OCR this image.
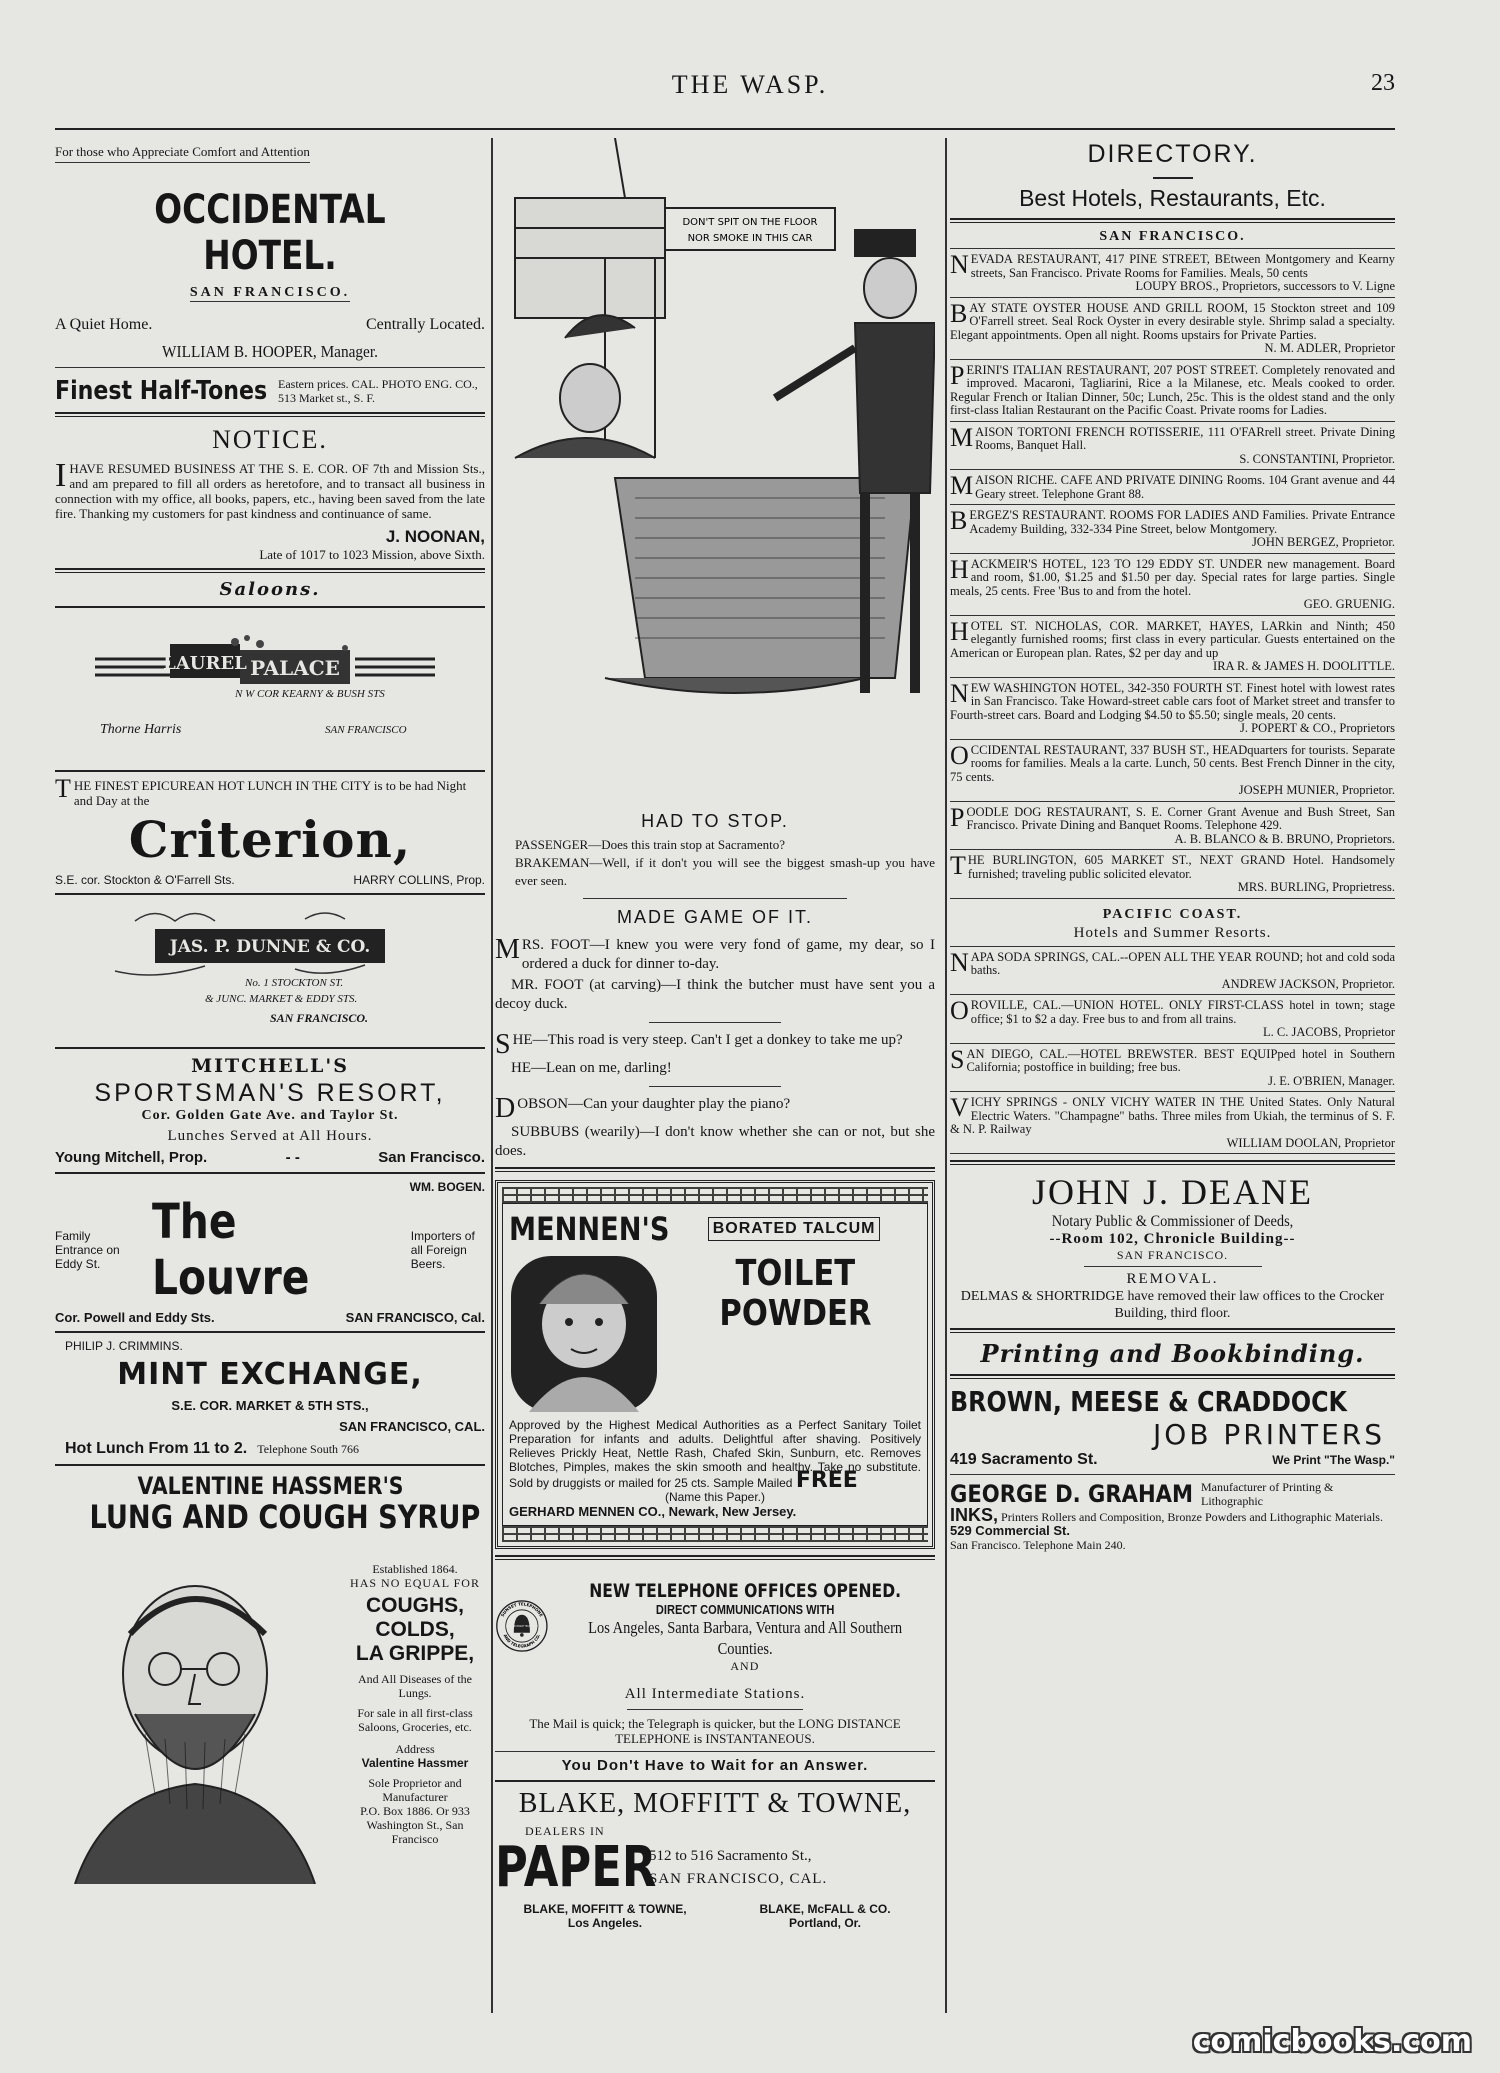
THE WASP.	23
For those who Appreciate Comfort and Attention
OCCIDENTAL HOTEL.
SAN FRANCISCO.
A Quiet Home.	Centrally Located.
WILLIAM B. HOOPER, Manager.
Finest Half-Tones Eastern prices. CAL. PHOTO ENG. CO., 513 Market st., S. F.
NOTICE.
I HAVE RESUMED BUSINESS AT THE S. E. COR. OF 7th and Mission Sts., and am prepared to fill all orders as heretofore, and to transact all business in connection with my office, all books, papers, etc., having been saved from the late fire. Thanking my customers for past kindness and continuance of same.
J. NOONAN,
Late of 1017 to 1023 Mission, above Sixth.
Saloons.
LAUREL PALACE
N W COR KEARNY & BUSH STS
Thorne Harris	SAN FRANCISCO
T HE FINEST EPICUREAN HOT LUNCH IN THE CITY is to be had Night and Day at the
Criterion,
S.E. cor. Stockton & O'Farrell Sts.	HARRY COLLINS, Prop.
JAS. P. DUNNE & CO.
No. 1 STOCKTON ST.
& JUNC. MARKET & EDDY STS.
SAN FRANCISCO.
MITCHELL'S
SPORTSMAN'S RESORT,
Cor. Golden Gate Ave. and Taylor St.
Lunches Served at All Hours.
Young Mitchell, Prop.	- -	San Francisco.
WM. BOGEN.
Family Entrance on Eddy St.
The Louvre
Importers of all Foreign Beers.
Cor. Powell and Eddy Sts.	SAN FRANCISCO, Cal.
PHILIP J. CRIMMINS.
MINT EXCHANGE,
S.E. COR. MARKET & 5TH STS.,
SAN FRANCISCO, CAL.
Hot Lunch From 11 to 2. Telephone South 766
VALENTINE HASSMER'S
LUNG AND COUGH SYRUP
Established 1864.
HAS NO EQUAL FOR
COUGHS,
COLDS,
LA GRIPPE,
And All Diseases of the Lungs.
For sale in all first-class Saloons, Groceries, etc.
Address
Valentine Hassmer
Sole Proprietor and Manufacturer
P.O. Box 1886. Or 933 Washington St., San Francisco
DON'T SPIT ON THE FLOOR
NOR SMOKE IN THIS CAR
HAD TO STOP.
PASSENGER—Does this train stop at Sacramento?
BRAKEMAN—Well, if it don't you will see the biggest smash-up you have ever seen.
MADE GAME OF IT.
MRS. FOOT—I knew you were very fond of game, my dear, so I ordered a duck for dinner to-day.
MR. FOOT (at carving)—I think the butcher must have sent you a decoy duck.
SHE—This road is very steep. Can't I get a donkey to take me up?
HE—Lean on me, darling!
DOBSON—Can your daughter play the piano?
SUBBUBS (wearily)—I don't know whether she can or not, but she does.
MENNEN'S	BORATED TALCUM
TOILET
POWDER
Approved by the Highest Medical Authorities as a Perfect Sanitary Toilet Preparation for infants and adults. Delightful after shaving. Positively Relieves Prickly Heat, Nettle Rash, Chafed Skin, Sunburn, etc. Removes Blotches, Pimples, makes the skin smooth and healthy. Take no substitute. Sold by druggists or mailed for 25 cts. Sample Mailed FREE
(Name this Paper.)
GERHARD MENNEN CO., Newark, New Jersey.
SUNSET TELEPHONE
AND TELEGRAPH CO.
LONG DISTANCE TELEPHONE
NEW TELEPHONE OFFICES OPENED.
DIRECT COMMUNICATIONS WITH
Los Angeles, Santa Barbara, Ventura and All Southern Counties.
AND
All Intermediate Stations.
The Mail is quick; the Telegraph is quicker, but the LONG DISTANCE TELEPHONE is INSTANTANEOUS.
You Don't Have to Wait for an Answer.
BLAKE, MOFFITT & TOWNE,
DEALERS IN
PAPER
512 to 516 Sacramento St.,
SAN FRANCISCO, CAL.
BLAKE, MOFFITT & TOWNE,
Los Angeles.
BLAKE, McFALL & CO.
Portland, Or.
DIRECTORY.
Best Hotels, Restaurants, Etc.
SAN FRANCISCO.
NEVADA RESTAURANT, 417 PINE STREET, BEtween Montgomery and Kearny streets, San Francisco. Private Rooms for Families. Meals, 50 cents
LOUPY BROS., Proprietors, successors to V. Ligne
BAY STATE OYSTER HOUSE AND GRILL ROOM, 15 Stockton street and 109 O'Farrell street. Seal Rock Oyster in every desirable style. Shrimp salad a specialty. Elegant appointments. Open all night. Rooms upstairs for Private Parties.
N. M. ADLER, Proprietor
PERINI'S ITALIAN RESTAURANT, 207 POST STREET. Completely renovated and improved. Macaroni, Tagliarini, Rice a la Milanese, etc. Meals cooked to order. Regular French or Italian Dinner, 50c; Lunch, 25c. This is the oldest stand and the only first-class Italian Restaurant on the Pacific Coast. Private rooms for Ladies.
MAISON TORTONI FRENCH ROTISSERIE, 111 O'FARrell street. Private Dining Rooms, Banquet Hall.
S. CONSTANTINI, Proprietor.
MAISON RICHE. CAFE AND PRIVATE DINING Rooms. 104 Grant avenue and 44 Geary street. Telephone Grant 88.
BERGEZ'S RESTAURANT. ROOMS FOR LADIES AND Families. Private Entrance Academy Building, 332-334 Pine Street, below Montgomery.
JOHN BERGEZ, Proprietor.
HACKMEIR'S HOTEL, 123 TO 129 EDDY ST. UNDER new management. Board and room, $1.00, $1.25 and $1.50 per day. Special rates for large parties. Single meals, 25 cents. Free 'Bus to and from the hotel.
GEO. GRUENIG.
HOTEL ST. NICHOLAS, COR. MARKET, HAYES, LARkin and Ninth; 450 elegantly furnished rooms; first class in every particular. Guests entertained on the American or European plan. Rates, $2 per day and up
IRA R. & JAMES H. DOOLITTLE.
NEW WASHINGTON HOTEL, 342-350 FOURTH ST. Finest hotel with lowest rates in San Francisco. Take Howard-street cable cars foot of Market street and transfer to Fourth-street cars. Board and Lodging $4.50 to $5.50; single meals, 20 cents.
J. POPERT & CO., Proprietors
OCCIDENTAL RESTAURANT, 337 BUSH ST., HEADquarters for tourists. Separate rooms for families. Meals a la carte. Lunch, 50 cents. Best French Dinner in the city, 75 cents.
JOSEPH MUNIER, Proprietor.
POODLE DOG RESTAURANT, S. E. Corner Grant Avenue and Bush Street, San Francisco. Private Dining and Banquet Rooms. Telephone 429.
A. B. BLANCO & B. BRUNO, Proprietors.
THE BURLINGTON, 605 MARKET ST., NEXT GRAND Hotel. Handsomely furnished; traveling public solicited elevator.
MRS. BURLING, Proprietress.
PACIFIC COAST.
Hotels and Summer Resorts.
NAPA SODA SPRINGS, CAL.--OPEN ALL THE YEAR ROUND; hot and cold soda baths.
ANDREW JACKSON, Proprietor.
OROVILLE, CAL.—UNION HOTEL. ONLY FIRST-CLASS hotel in town; stage office; $1 to $2 a day. Free bus to and from all trains.
L. C. JACOBS, Proprietor
SAN DIEGO, CAL.—HOTEL BREWSTER. BEST EQUIPped hotel in Southern California; postoffice in building; free bus.
J. E. O'BRIEN, Manager.
VICHY SPRINGS - ONLY VICHY WATER IN THE United States. Only Natural Electric Waters. "Champagne" baths. Three miles from Ukiah, the terminus of S. F. & N. P. Railway
WILLIAM DOOLAN, Proprietor
JOHN J. DEANE
Notary Public & Commissioner of Deeds,
--Room 102, Chronicle Building--
SAN FRANCISCO.
REMOVAL.
DELMAS & SHORTRIDGE have removed their law offices to the Crocker Building, third floor.
Printing and Bookbinding.
BROWN, MEESE & CRADDOCK
JOB PRINTERS
419 Sacramento St.	We Print "The Wasp."
GEORGE D. GRAHAM Manufacturer of Printing & Lithographic
INKS, Printers Rollers and Composition, Bronze Powders and Lithographic Materials. 529 Commercial St.
San Francisco. Telephone Main 240.
comicbooks.com
